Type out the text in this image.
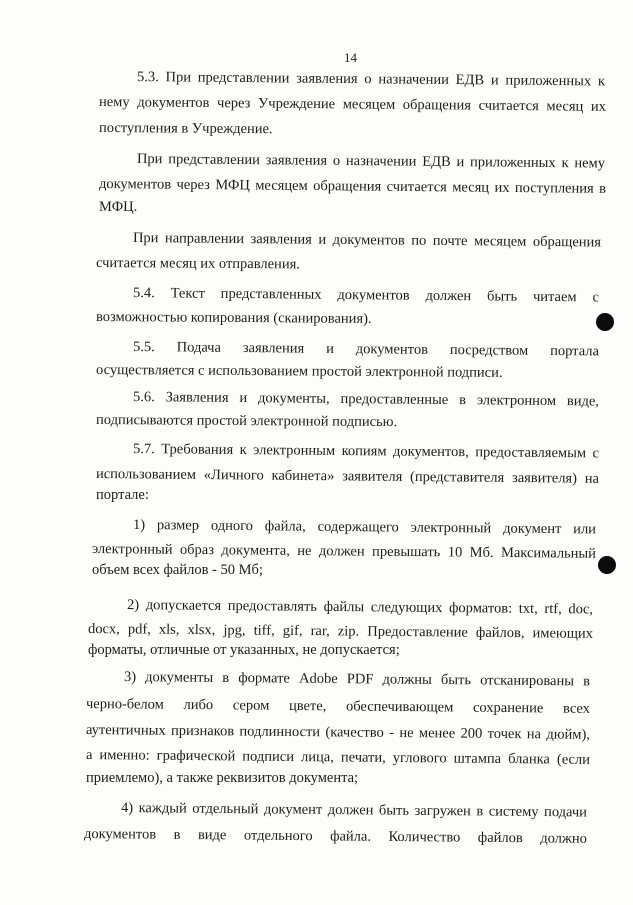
14
5.3. При представлении заявления о назначении ЕДВ и приложенных к
нему документов через Учреждение месяцем обращения считается месяц их
поступления в Учреждение.
При представлении заявления о назначении ЕДВ и приложенных к нему
документов через МФЦ месяцем обращения считается месяц их поступления в
МФЦ.
При направлении заявления и документов по почте месяцем обращения
считается месяц их отправления.
5.4. Текст представленных документов должен быть читаем с
возможностью копирования (сканирования).
5.5. Подача заявления и документов посредством портала
осуществляется с использованием простой электронной подписи.
5.6. Заявления и документы, предоставленные в электронном виде,
подписываются простой электронной подписью.
5.7. Требования к электронным копиям документов, предоставляемым с
использованием «Личного кабинета» заявителя (представителя заявителя) на
портале:
1) размер одного файла, содержащего электронный документ или
электронный образ документа, не должен превышать 10 Мб. Максимальный
объем всех файлов - 50 Мб;
2) допускается предоставлять файлы следующих форматов: txt, rtf, doc,
docx, pdf, xls, xlsx, jpg, tiff, gif, rar, zip. Предоставление файлов, имеющих
форматы, отличные от указанных, не допускается;
3) документы в формате Adobe PDF должны быть отсканированы в
черно-белом либо сером цвете, обеспечивающем сохранение всех
аутентичных признаков подлинности (качество - не менее 200 точек на дюйм),
а именно: графической подписи лица, печати, углового штампа бланка (если
приемлемо), а также реквизитов документа;
4) каждый отдельный документ должен быть загружен в систему подачи
документов в виде отдельного файла. Количество файлов должно
